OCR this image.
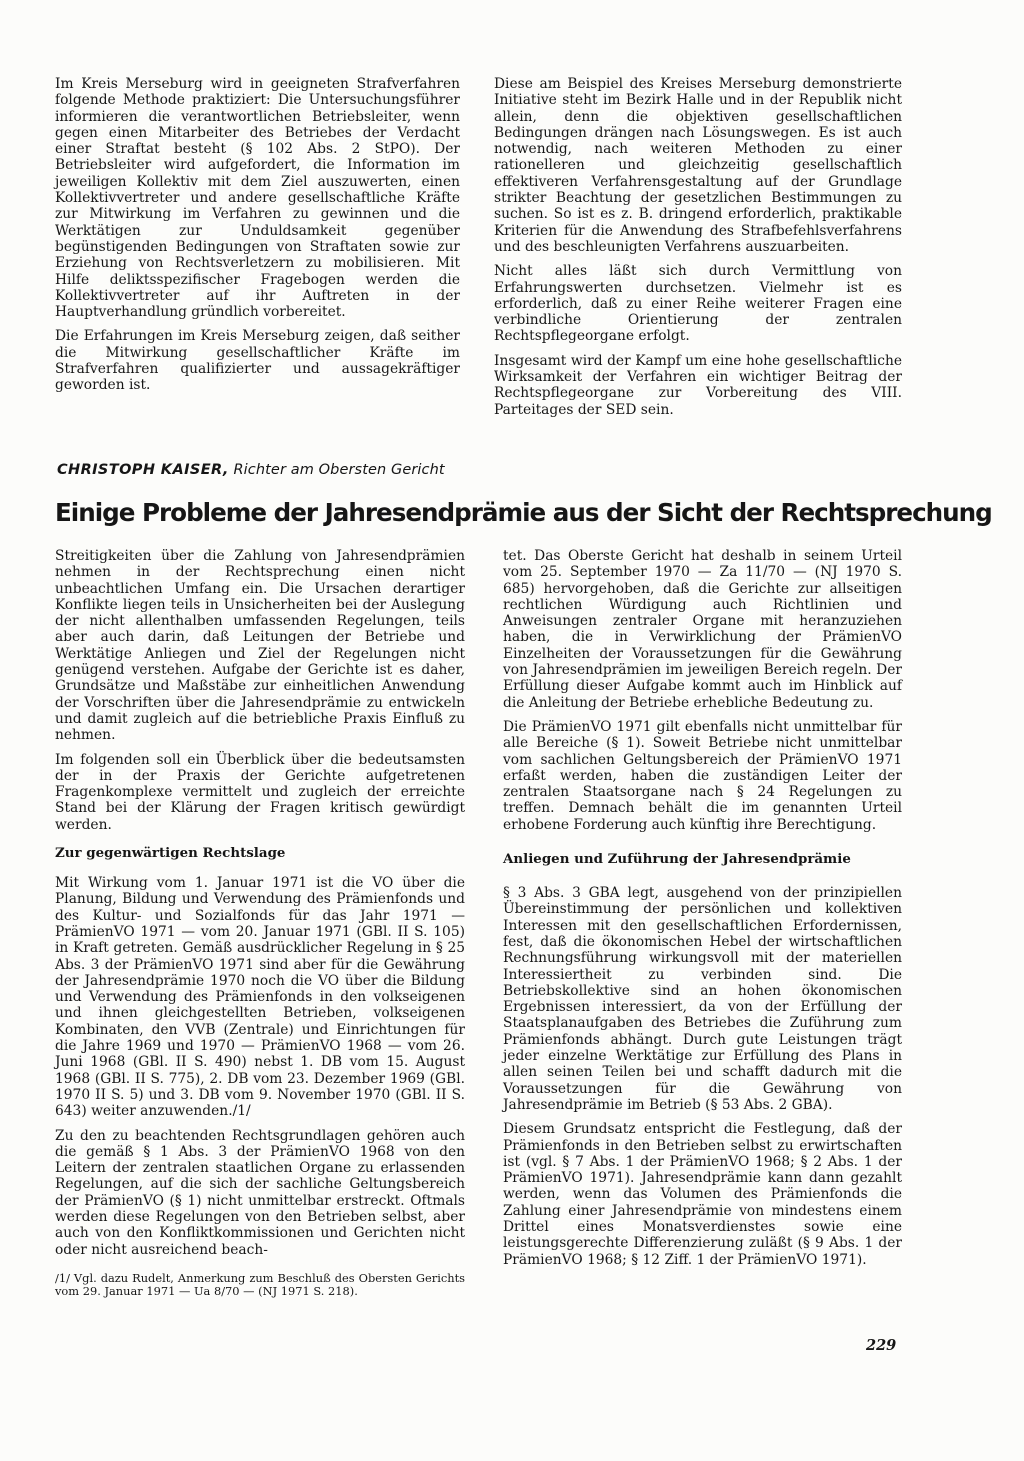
Im Kreis Merseburg wird in geeigneten Strafverfahren folgende Methode praktiziert: Die Untersuchungsführer informieren die verantwortlichen Betriebsleiter, wenn gegen einen Mitarbeiter des Betriebes der Verdacht einer Straftat besteht (§ 102 Abs. 2 StPO). Der Betriebsleiter wird aufgefordert, die Information im jeweiligen Kollektiv mit dem Ziel auszuwerten, einen Kollektivvertreter und andere gesellschaftliche Kräfte zur Mitwirkung im Verfahren zu gewinnen und die Werktätigen zur Unduldsamkeit gegenüber begünstigenden Bedingungen von Straftaten sowie zur Erziehung von Rechtsverletzern zu mobilisieren. Mit Hilfe deliktsspezifischer Fragebogen werden die Kollektivvertreter auf ihr Auftreten in der Hauptverhandlung gründlich vorbereitet.

Die Erfahrungen im Kreis Merseburg zeigen, daß seither die Mitwirkung gesellschaftlicher Kräfte im Strafverfahren qualifizierter und aussagekräftiger geworden ist.

Diese am Beispiel des Kreises Merseburg demonstrierte Initiative steht im Bezirk Halle und in der Republik nicht allein, denn die objektiven gesellschaftlichen Bedingungen drängen nach Lösungswegen. Es ist auch notwendig, nach weiteren Methoden zu einer rationelleren und gleichzeitig gesellschaftlich effektiveren Verfahrensgestaltung auf der Grundlage strikter Beachtung der gesetzlichen Bestimmungen zu suchen. So ist es z. B. dringend erforderlich, praktikable Kriterien für die Anwendung des Strafbefehlsverfahrens und des beschleunigten Verfahrens auszuarbeiten.

Nicht alles läßt sich durch Vermittlung von Erfahrungswerten durchsetzen. Vielmehr ist es erforderlich, daß zu einer Reihe weiterer Fragen eine verbindliche Orientierung der zentralen Rechtspflegeorgane erfolgt.

Insgesamt wird der Kampf um eine hohe gesellschaftliche Wirksamkeit der Verfahren ein wichtiger Beitrag der Rechtspflegeorgane zur Vorbereitung des VIII. Parteitages der SED sein.

CHRISTOPH KAISER, Richter am Obersten Gericht
Einige Probleme der Jahresendprämie aus der Sicht der Rechtsprechung

Streitigkeiten über die Zahlung von Jahresendprämien nehmen in der Rechtsprechung einen nicht unbeachtlichen Umfang ein. Die Ursachen derartiger Konflikte liegen teils in Unsicherheiten bei der Auslegung der nicht allenthalben umfassenden Regelungen, teils aber auch darin, daß Leitungen der Betriebe und Werktätige Anliegen und Ziel der Regelungen nicht genügend verstehen. Aufgabe der Gerichte ist es daher, Grundsätze und Maßstäbe zur einheitlichen Anwendung der Vorschriften über die Jahresendprämie zu entwickeln und damit zugleich auf die betriebliche Praxis Einfluß zu nehmen.

Im folgenden soll ein Überblick über die bedeutsamsten der in der Praxis der Gerichte aufgetretenen Fragenkomplexe vermittelt und zugleich der erreichte Stand bei der Klärung der Fragen kritisch gewürdigt werden.

Zur gegenwärtigen Rechtslage

Mit Wirkung vom 1. Januar 1971 ist die VO über die Planung, Bildung und Verwendung des Prämienfonds und des Kultur- und Sozialfonds für das Jahr 1971 — PrämienVO 1971 — vom 20. Januar 1971 (GBl. II S. 105) in Kraft getreten. Gemäß ausdrücklicher Regelung in § 25 Abs. 3 der PrämienVO 1971 sind aber für die Gewährung der Jahresendprämie 1970 noch die VO über die Bildung und Verwendung des Prämienfonds in den volkseigenen und ihnen gleichgestellten Betrieben, volkseigenen Kombinaten, den VVB (Zentrale) und Einrichtungen für die Jahre 1969 und 1970 — PrämienVO 1968 — vom 26. Juni 1968 (GBl. II S. 490) nebst 1. DB vom 15. August 1968 (GBl. II S. 775), 2. DB vom 23. Dezember 1969 (GBl. 1970 II S. 5) und 3. DB vom 9. November 1970 (GBl. II S. 643) weiter anzuwenden./1/

Zu den zu beachtenden Rechtsgrundlagen gehören auch die gemäß § 1 Abs. 3 der PrämienVO 1968 von den Leitern der zentralen staatlichen Organe zu erlassenden Regelungen, auf die sich der sachliche Geltungsbereich der PrämienVO (§ 1) nicht unmittelbar erstreckt. Oftmals werden diese Regelungen von den Betrieben selbst, aber auch von den Konfliktkommissionen und Gerichten nicht oder nicht ausreichend beach-

/1/ Vgl. dazu Rudelt, Anmerkung zum Beschluß des Obersten Gerichts vom 29. Januar 1971 — Ua 8/70 — (NJ 1971 S. 218).

tet. Das Oberste Gericht hat deshalb in seinem Urteil vom 25. September 1970 — Za 11/70 — (NJ 1970 S. 685) hervorgehoben, daß die Gerichte zur allseitigen rechtlichen Würdigung auch Richtlinien und Anweisungen zentraler Organe mit heranzuziehen haben, die in Verwirklichung der PrämienVO Einzelheiten der Voraussetzungen für die Gewährung von Jahresendprämien im jeweiligen Bereich regeln. Der Erfüllung dieser Aufgabe kommt auch im Hinblick auf die Anleitung der Betriebe erhebliche Bedeutung zu.

Die PrämienVO 1971 gilt ebenfalls nicht unmittelbar für alle Bereiche (§ 1). Soweit Betriebe nicht unmittelbar vom sachlichen Geltungsbereich der PrämienVO 1971 erfaßt werden, haben die zuständigen Leiter der zentralen Staatsorgane nach § 24 Regelungen zu treffen. Demnach behält die im genannten Urteil erhobene Forderung auch künftig ihre Berechtigung.

Anliegen und Zuführung der Jahresendprämie

§ 3 Abs. 3 GBA legt, ausgehend von der prinzipiellen Übereinstimmung der persönlichen und kollektiven Interessen mit den gesellschaftlichen Erfordernissen, fest, daß die ökonomischen Hebel der wirtschaftlichen Rechnungsführung wirkungsvoll mit der materiellen Interessiertheit zu verbinden sind. Die Betriebskollektive sind an hohen ökonomischen Ergebnissen interessiert, da von der Erfüllung der Staatsplanaufgaben des Betriebes die Zuführung zum Prämienfonds abhängt. Durch gute Leistungen trägt jeder einzelne Werktätige zur Erfüllung des Plans in allen seinen Teilen bei und schafft dadurch mit die Voraussetzungen für die Gewährung von Jahresendprämie im Betrieb (§ 53 Abs. 2 GBA).

Diesem Grundsatz entspricht die Festlegung, daß der Prämienfonds in den Betrieben selbst zu erwirtschaften ist (vgl. § 7 Abs. 1 der PrämienVO 1968; § 2 Abs. 1 der PrämienVO 1971). Jahresendprämie kann dann gezahlt werden, wenn das Volumen des Prämienfonds die Zahlung einer Jahresendprämie von mindestens einem Drittel eines Monatsverdienstes sowie eine leistungsgerechte Differenzierung zuläßt (§ 9 Abs. 1 der PrämienVO 1968; § 12 Ziff. 1 der PrämienVO 1971).

229
